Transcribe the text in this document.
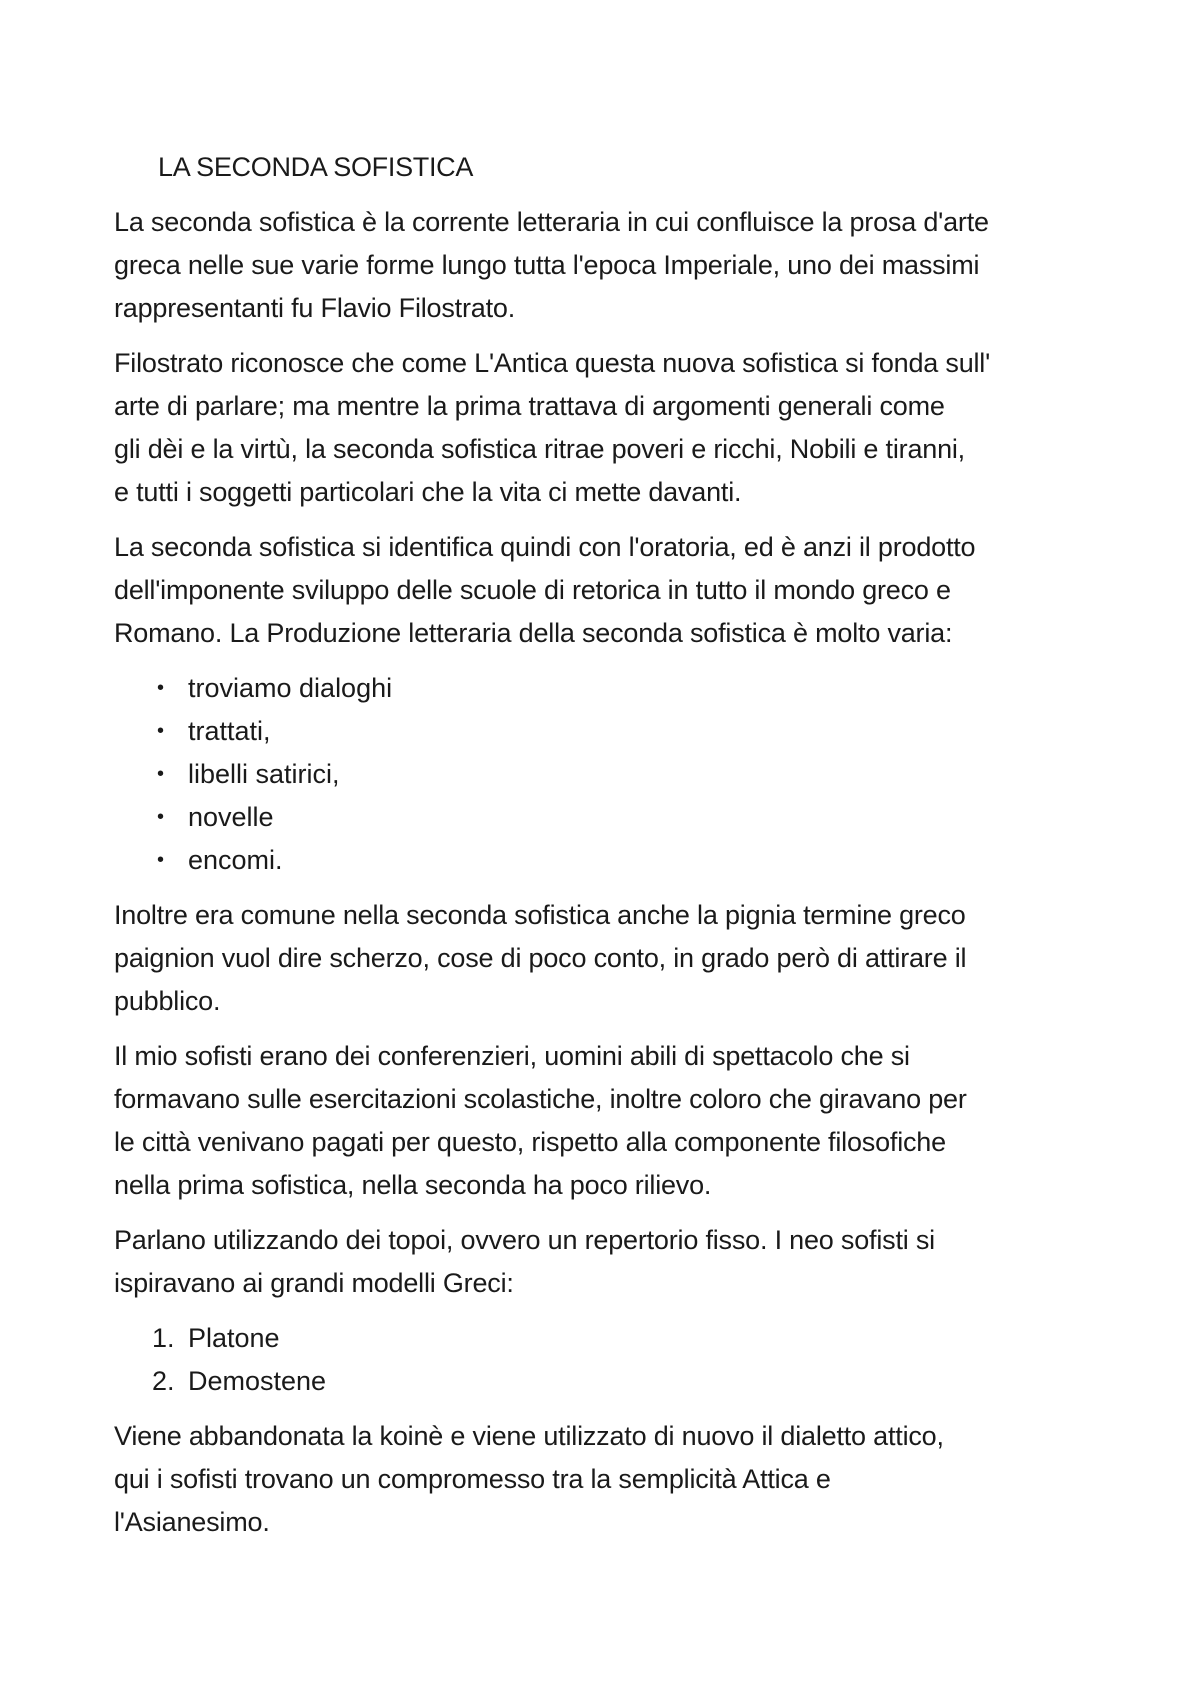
LA SECONDA SOFISTICA

La seconda sofistica è la corrente letteraria in cui confluisce la prosa d'arte
greca nelle sue varie forme lungo tutta l'epoca Imperiale, uno dei massimi
rappresentanti fu Flavio Filostrato.

Filostrato riconosce che come L'Antica questa nuova sofistica si fonda sull'
arte di parlare; ma mentre la prima trattava di argomenti generali come
gli dèi e la virtù, la seconda sofistica ritrae poveri e ricchi, Nobili e tiranni,
e tutti i soggetti particolari che la vita ci mette davanti.

La seconda sofistica si identifica quindi con l'oratoria, ed è anzi il prodotto
dell'imponente sviluppo delle scuole di retorica in tutto il mondo greco e
Romano. La Produzione letteraria della seconda sofistica è molto varia:

• troviamo dialoghi
• trattati,
• libelli satirici,
• novelle
• encomi.

Inoltre era comune nella seconda sofistica anche la pignia termine greco
paignion vuol dire scherzo, cose di poco conto, in grado però di attirare il
pubblico.

Il mio sofisti erano dei conferenzieri, uomini abili di spettacolo che si
formavano sulle esercitazioni scolastiche, inoltre coloro che giravano per
le città venivano pagati per questo, rispetto alla componente filosofiche
nella prima sofistica, nella seconda ha poco rilievo.

Parlano utilizzando dei topoi, ovvero un repertorio fisso. I neo sofisti si
ispiravano ai grandi modelli Greci:

1. Platone
2. Demostene

Viene abbandonata la koinè e viene utilizzato di nuovo il dialetto attico,
qui i sofisti trovano un compromesso tra la semplicità Attica e
l'Asianesimo.
